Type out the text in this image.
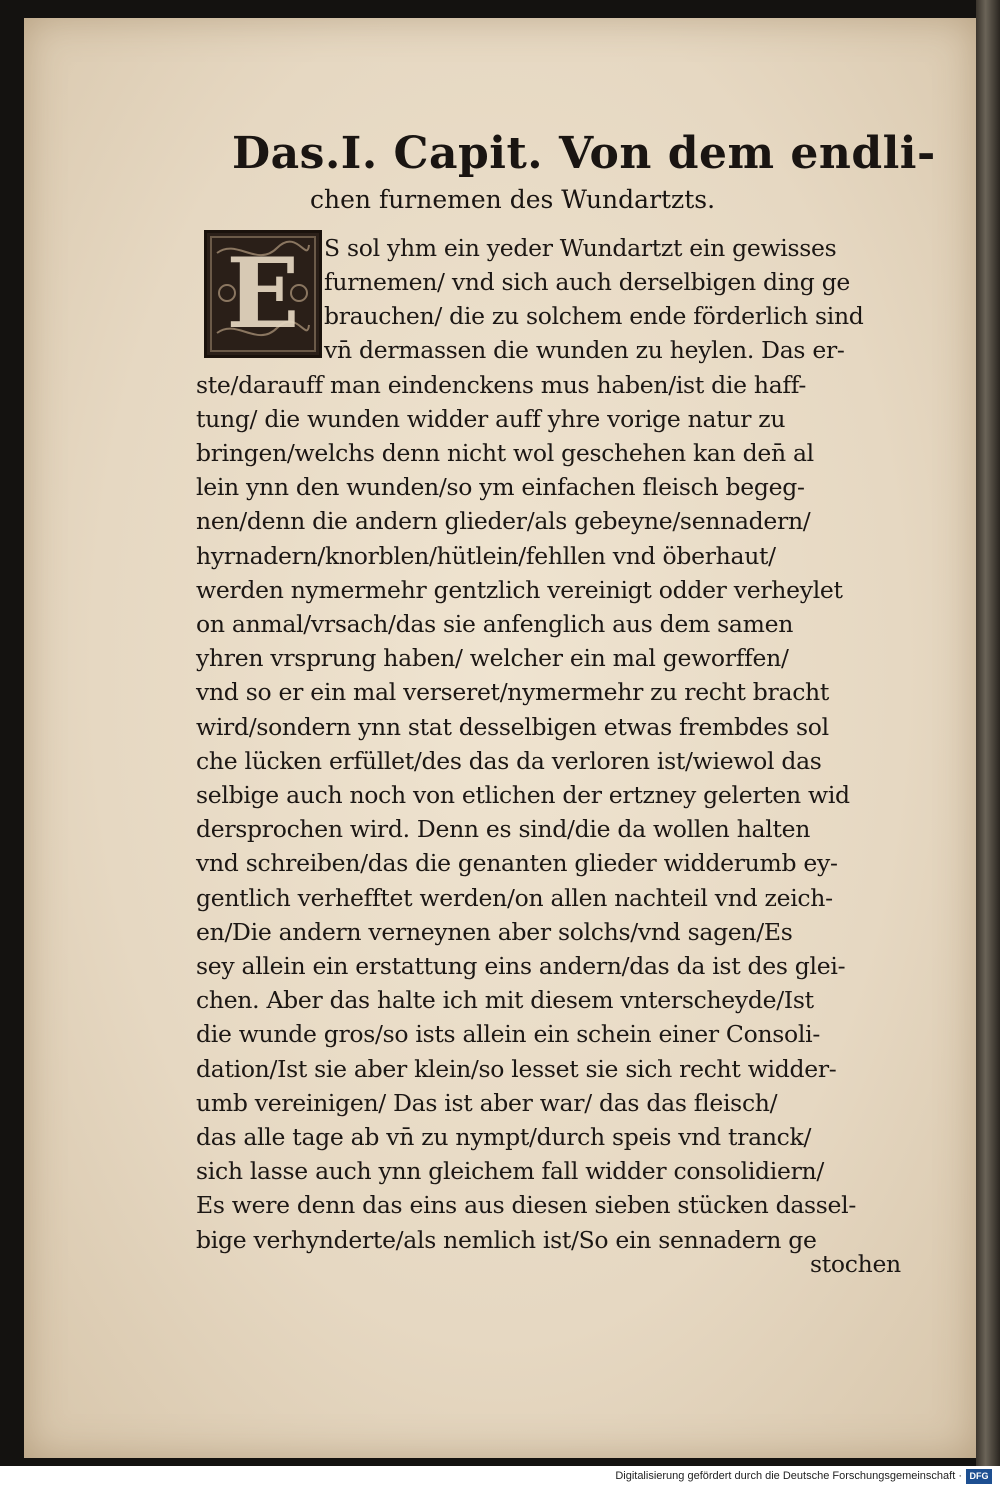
Das.I. Capit. Von dem endli-
chen furnemen des Wundartzts.
E	S sol yhm ein yeder Wundartzt ein gewisses
furnemen/ vnd sich auch derselbigen ding ge
brauchen/ die zu solchem ende förderlich sind
vn̄ dermassen die wunden zu heylen. Das er-
ste/darauff man eindenckens mus haben/ist die haff-
tung/ die wunden widder auff yhre vorige natur zu
bringen/welchs denn nicht wol geschehen kan den̄ al
lein ynn den wunden/so ym einfachen fleisch begeg-
nen/denn die andern glieder/als gebeyne/sennadern/
hyrnadern/knorblen/hütlein/fehllen vnd öberhaut/
werden nymermehr gentzlich vereinigt odder verheylet
on anmal/vrsach/das sie anfenglich aus dem samen
yhren vrsprung haben/ welcher ein mal geworffen/
vnd so er ein mal verseret/nymermehr zu recht bracht
wird/sondern ynn stat desselbigen etwas frembdes sol
che lücken erfüllet/des das da verloren ist/wiewol das
selbige auch noch von etlichen der ertzney gelerten wid
dersprochen wird. Denn es sind/die da wollen halten
vnd schreiben/das die genanten glieder widderumb ey-
gentlich verhefftet werden/on allen nachteil vnd zeich-
en/Die andern verneynen aber solchs/vnd sagen/Es
sey allein ein erstattung eins andern/das da ist des glei-
chen. Aber das halte ich mit diesem vnterscheyde/Ist
die wunde gros/so ists allein ein schein einer Consoli-
dation/Ist sie aber klein/so lesset sie sich recht widder-
umb vereinigen/ Das ist aber war/ das das fleisch/
das alle tage ab vn̄ zu nympt/durch speis vnd tranck/
sich lasse auch ynn gleichem fall widder consolidiern/
Es were denn das eins aus diesen sieben stücken dassel-
bige verhynderte/als nemlich ist/So ein sennadern ge
stochen
Digitalisierung gefördert durch die Deutsche Forschungsgemeinschaft · DFG
